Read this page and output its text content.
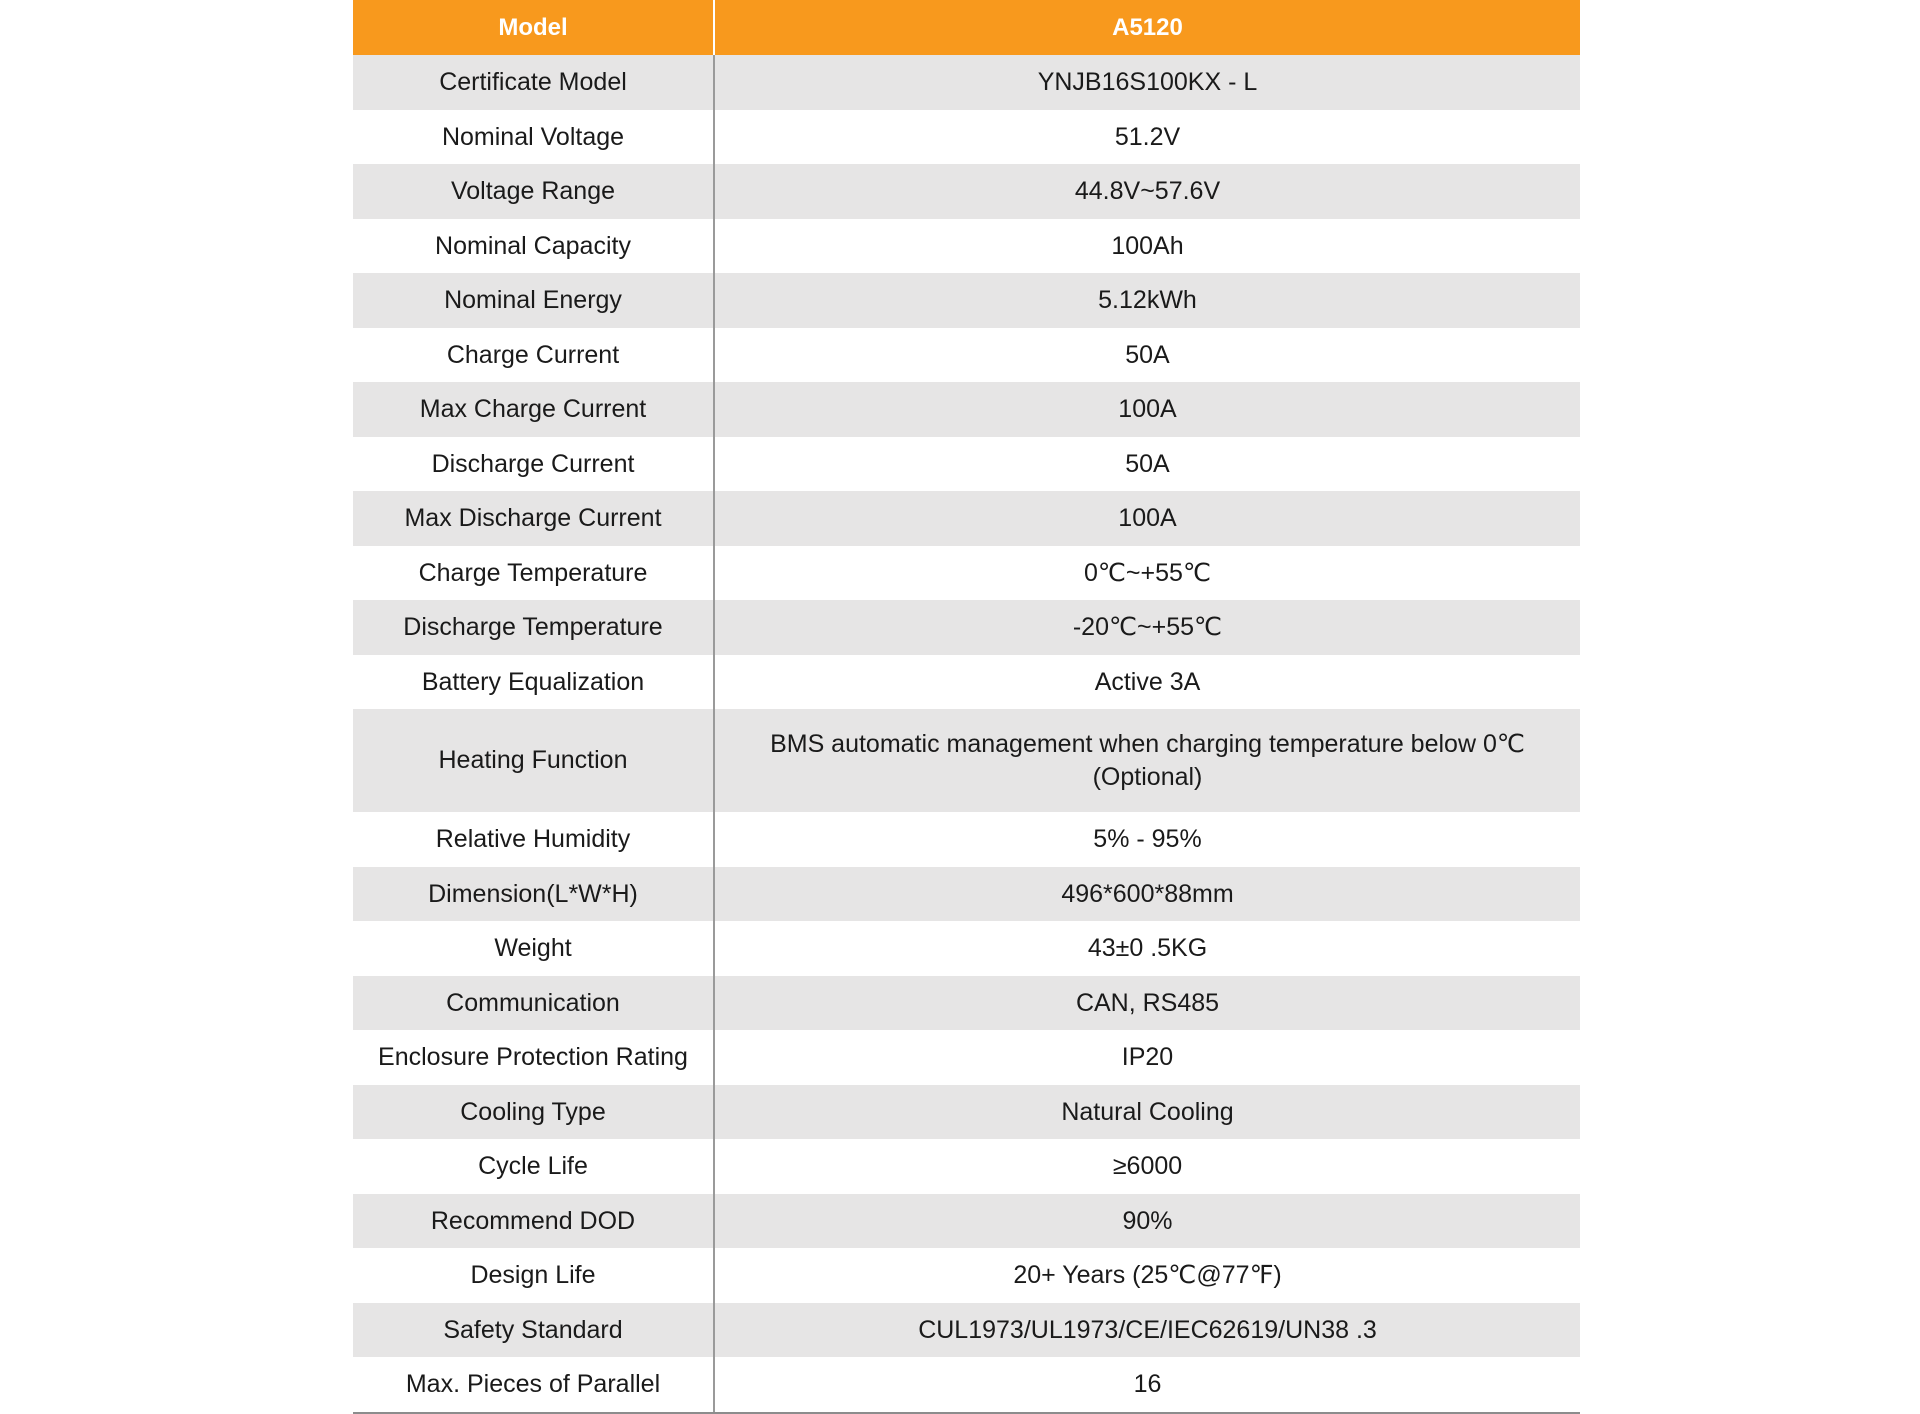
Model	A5120
Certificate Model	YNJB16S100KX - L
Nominal Voltage	51.2V
Voltage Range	44.8V~57.6V
Nominal Capacity	100Ah
Nominal Energy	5.12kWh
Charge Current	50A
Max Charge Current	100A
Discharge Current	50A
Max Discharge Current	100A
Charge Temperature	0℃~+55℃
Discharge Temperature	-20℃~+55℃
Battery Equalization	Active 3A
Heating Function	BMS automatic management when charging temperature below 0℃
(Optional)

Relative Humidity	5% - 95%
Dimension(L*W*H)	496*600*88mm
Weight	43±0 .5KG
Communication	CAN, RS485
Enclosure Protection Rating	IP20
Cooling Type	Natural Cooling
Cycle Life	≥6000
Recommend DOD	90%
Design Life	20+ Years (25℃@77℉)
Safety Standard	CUL1973/UL1973/CE/IEC62619/UN38 .3
Max. Pieces of Parallel	16
